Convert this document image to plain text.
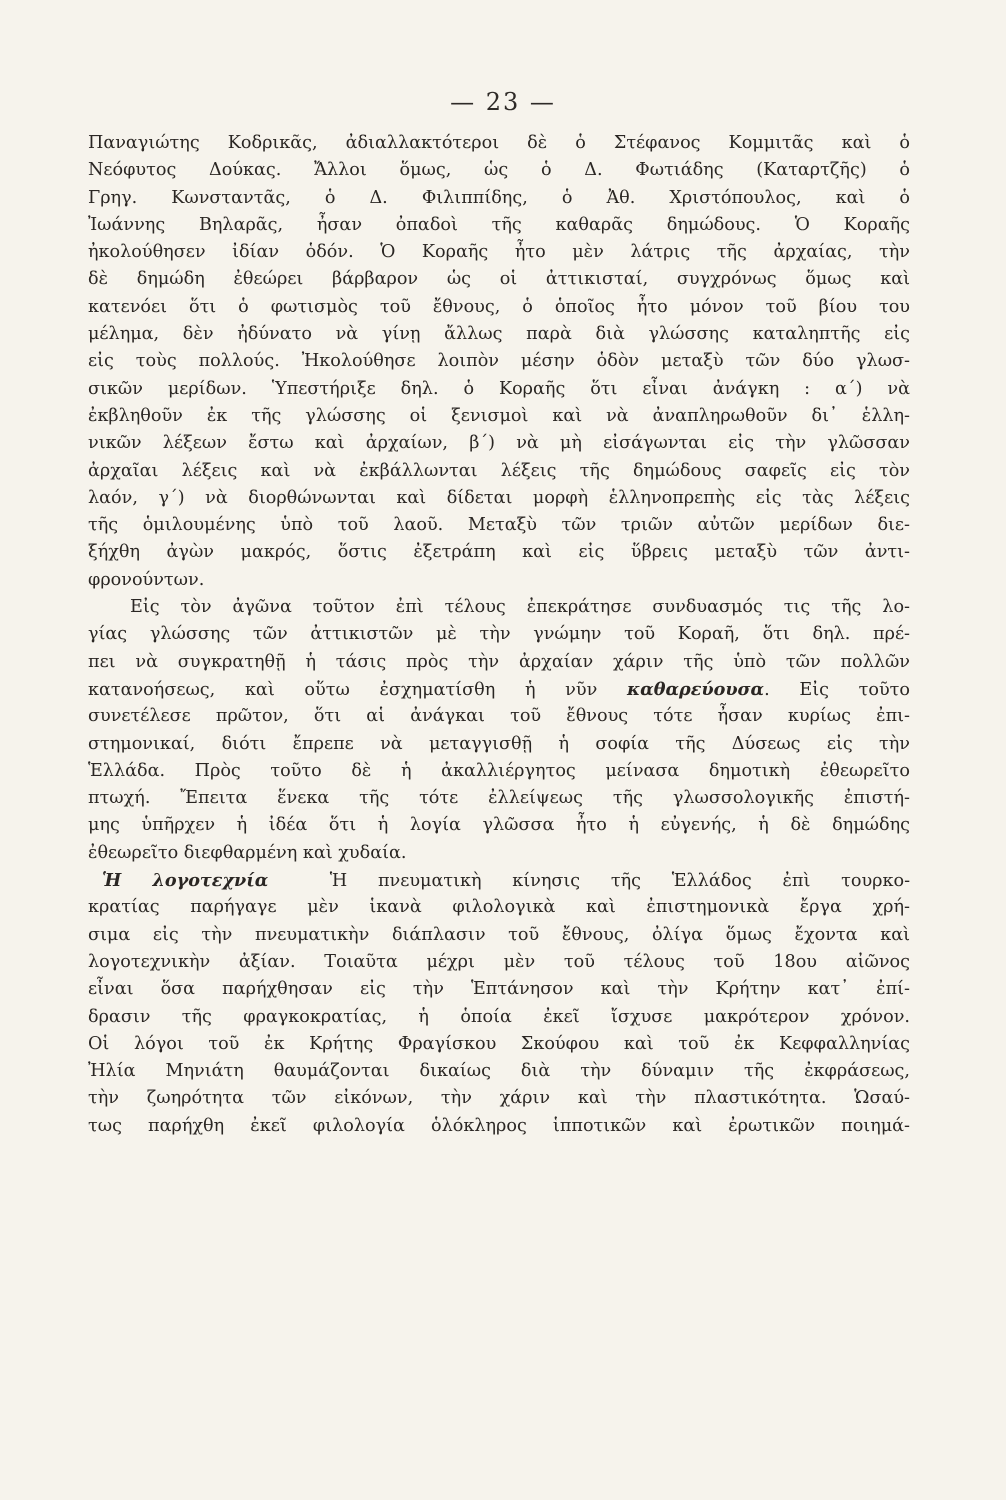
— 23 —
Παναγιώτης Κοδρικᾶς, ἀδιαλλακτότεροι δὲ ὁ Στέφανος Κομμιτᾶς καὶ ὁ
Νεόφυτος Δούκας. Ἄλλοι ὅμως, ὡς ὁ Δ. Φωτιάδης (Καταρτζῆς) ὁ
Γρηγ. Κωνσταντᾶς, ὁ Δ. Φιλιππίδης, ὁ Ἀθ. Χριστόπουλος, καὶ ὁ
Ἰωάννης Βηλαρᾶς, ἦσαν ὀπαδοὶ τῆς καθαρᾶς δημώδους. Ὁ Κοραῆς
ἠκολούθησεν ἰδίαν ὁδόν. Ὁ Κοραῆς ἦτο μὲν λάτρις τῆς ἀρχαίας, τὴν
δὲ δημώδη ἐθεώρει βάρβαρον ὡς οἱ ἀττικισταί, συγχρόνως ὅμως καὶ
κατενόει ὅτι ὁ φωτισμὸς τοῦ ἔθνους, ὁ ὁποῖος ἦτο μόνον τοῦ βίου του
μέλημα, δὲν ἠδύνατο νὰ γίνῃ ἄλλως παρὰ διὰ γλώσσης καταληπτῆς εἰς
εἰς τοὺς πολλούς. Ἠκολούθησε λοιπὸν μέσην ὁδὸν μεταξὺ τῶν δύο γλωσ-
σικῶν μερίδων. Ὑπεστήριξε δηλ. ὁ Κοραῆς ὅτι εἶναι ἀνάγκη : α΄) νὰ
ἐκβληθοῦν ἐκ τῆς γλώσσης οἱ ξενισμοὶ καὶ νὰ ἀναπληρωθοῦν δι᾽ ἑλλη-
νικῶν λέξεων ἔστω καὶ ἀρχαίων, β΄) νὰ μὴ εἰσάγωνται εἰς τὴν γλῶσσαν
ἀρχαῖαι λέξεις καὶ νὰ ἐκβάλλωνται λέξεις τῆς δημώδους σαφεῖς εἰς τὸν
λαόν, γ΄) νὰ διορθώνωνται καὶ δίδεται μορφὴ ἑλληνοπρεπὴς εἰς τὰς λέξεις
τῆς ὁμιλουμένης ὑπὸ τοῦ λαοῦ. Μεταξὺ τῶν τριῶν αὐτῶν μερίδων διε-
ξήχθη ἀγὼν μακρός, ὅστις ἐξετράπη καὶ εἰς ὕβρεις μεταξὺ τῶν ἀντι-
φρονούντων.
Εἰς τὸν ἀγῶνα τοῦτον ἐπὶ τέλους ἐπεκράτησε συνδυασμός τις τῆς λο-
γίας γλώσσης τῶν ἀττικιστῶν μὲ τὴν γνώμην τοῦ Κοραῆ, ὅτι δηλ. πρέ-
πει νὰ συγκρατηθῇ ἡ τάσις πρὸς τὴν ἀρχαίαν χάριν τῆς ὑπὸ τῶν πολλῶν
κατανοήσεως, καὶ οὕτω ἐσχηματίσθη ἡ νῦν καθαρεύουσα. Εἰς τοῦτο
συνετέλεσε πρῶτον, ὅτι αἱ ἀνάγκαι τοῦ ἔθνους τότε ἦσαν κυρίως ἐπι-
στημονικαί, διότι ἔπρεπε νὰ μεταγγισθῇ ἡ σοφία τῆς Δύσεως εἰς τὴν
Ἑλλάδα. Πρὸς τοῦτο δὲ ἡ ἀκαλλιέργητος μείνασα δημοτικὴ ἐθεωρεῖτο
πτωχή. Ἔπειτα ἕνεκα τῆς τότε ἐλλείψεως τῆς γλωσσολογικῆς ἐπιστή-
μης ὑπῆρχεν ἡ ἰδέα ὅτι ἡ λογία γλῶσσα ἦτο ἡ εὐγενής, ἡ δὲ δημώδης
ἐθεωρεῖτο διεφθαρμένη καὶ χυδαία.
Ἡ λογοτεχνία	Ἡ πνευματικὴ κίνησις τῆς Ἑλλάδος ἐπὶ τουρκο-
κρατίας παρήγαγε μὲν ἱκανὰ φιλολογικὰ καὶ ἐπιστημονικὰ ἔργα χρή-
σιμα εἰς τὴν πνευματικὴν διάπλασιν τοῦ ἔθνους, ὀλίγα ὅμως ἔχοντα καὶ
λογοτεχνικὴν ἀξίαν. Τοιαῦτα μέχρι μὲν τοῦ τέλους τοῦ 18ου αἰῶνος
εἶναι ὅσα παρήχθησαν εἰς τὴν Ἑπτάνησον καὶ τὴν Κρήτην κατ᾽ ἐπί-
δρασιν τῆς φραγκοκρατίας, ἡ ὁποία ἐκεῖ ἴσχυσε μακρότερον χρόνον.
Οἱ λόγοι τοῦ ἐκ Κρήτης Φραγίσκου Σκούφου καὶ τοῦ ἐκ Κεφφαλληνίας
Ἠλία Μηνιάτη θαυμάζονται δικαίως διὰ τὴν δύναμιν τῆς ἐκφράσεως,
τὴν ζωηρότητα τῶν εἰκόνων, τὴν χάριν καὶ τὴν πλαστικότητα. Ὡσαύ-
τως παρήχθη ἐκεῖ φιλολογία ὁλόκληρος ἱπποτικῶν καὶ ἐρωτικῶν ποιημά-
